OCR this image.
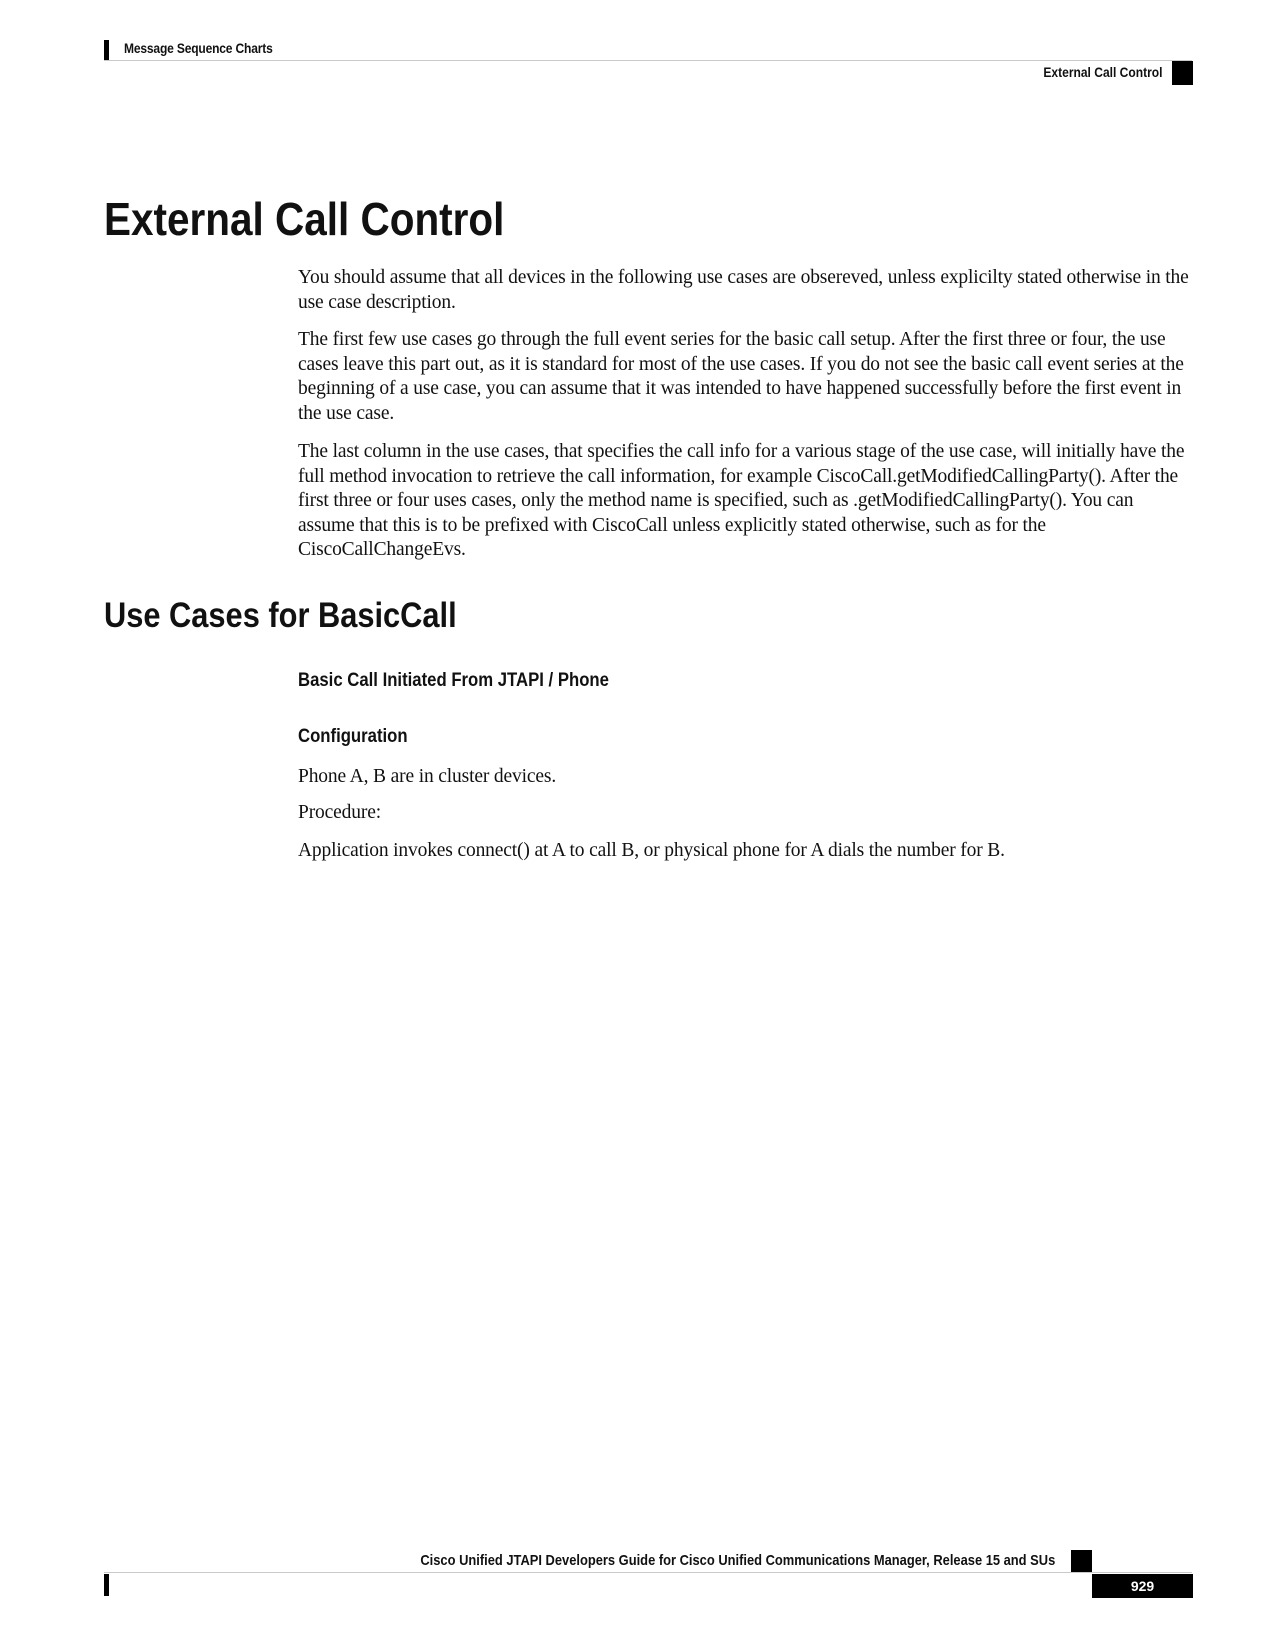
Message Sequence Charts
External Call Control
External Call Control

You should assume that all devices in the following use cases are obsereved, unless explicilty stated otherwise in the use case description.

The first few use cases go through the full event series for the basic call setup. After the first three or four, the use cases leave this part out, as it is standard for most of the use cases. If you do not see the basic call event series at the beginning of a use case, you can assume that it was intended to have happened successfully before the first event in the use case.

The last column in the use cases, that specifies the call info for a various stage of the use case, will initially have the full method invocation to retrieve the call information, for example CiscoCall.getModifiedCallingParty(). After the first three or four uses cases, only the method name is specified, such as .getModifiedCallingParty(). You can assume that this is to be prefixed with CiscoCall unless explicitly stated otherwise, such as for the CiscoCallChangeEvs.

Use Cases for BasicCall
Basic Call Initiated From JTAPI / Phone
Configuration

Phone A, B are in cluster devices.

Procedure:

Application invokes connect() at A to call B, or physical phone for A dials the number for B.

Cisco Unified JTAPI Developers Guide for Cisco Unified Communications Manager, Release 15 and SUs
929
